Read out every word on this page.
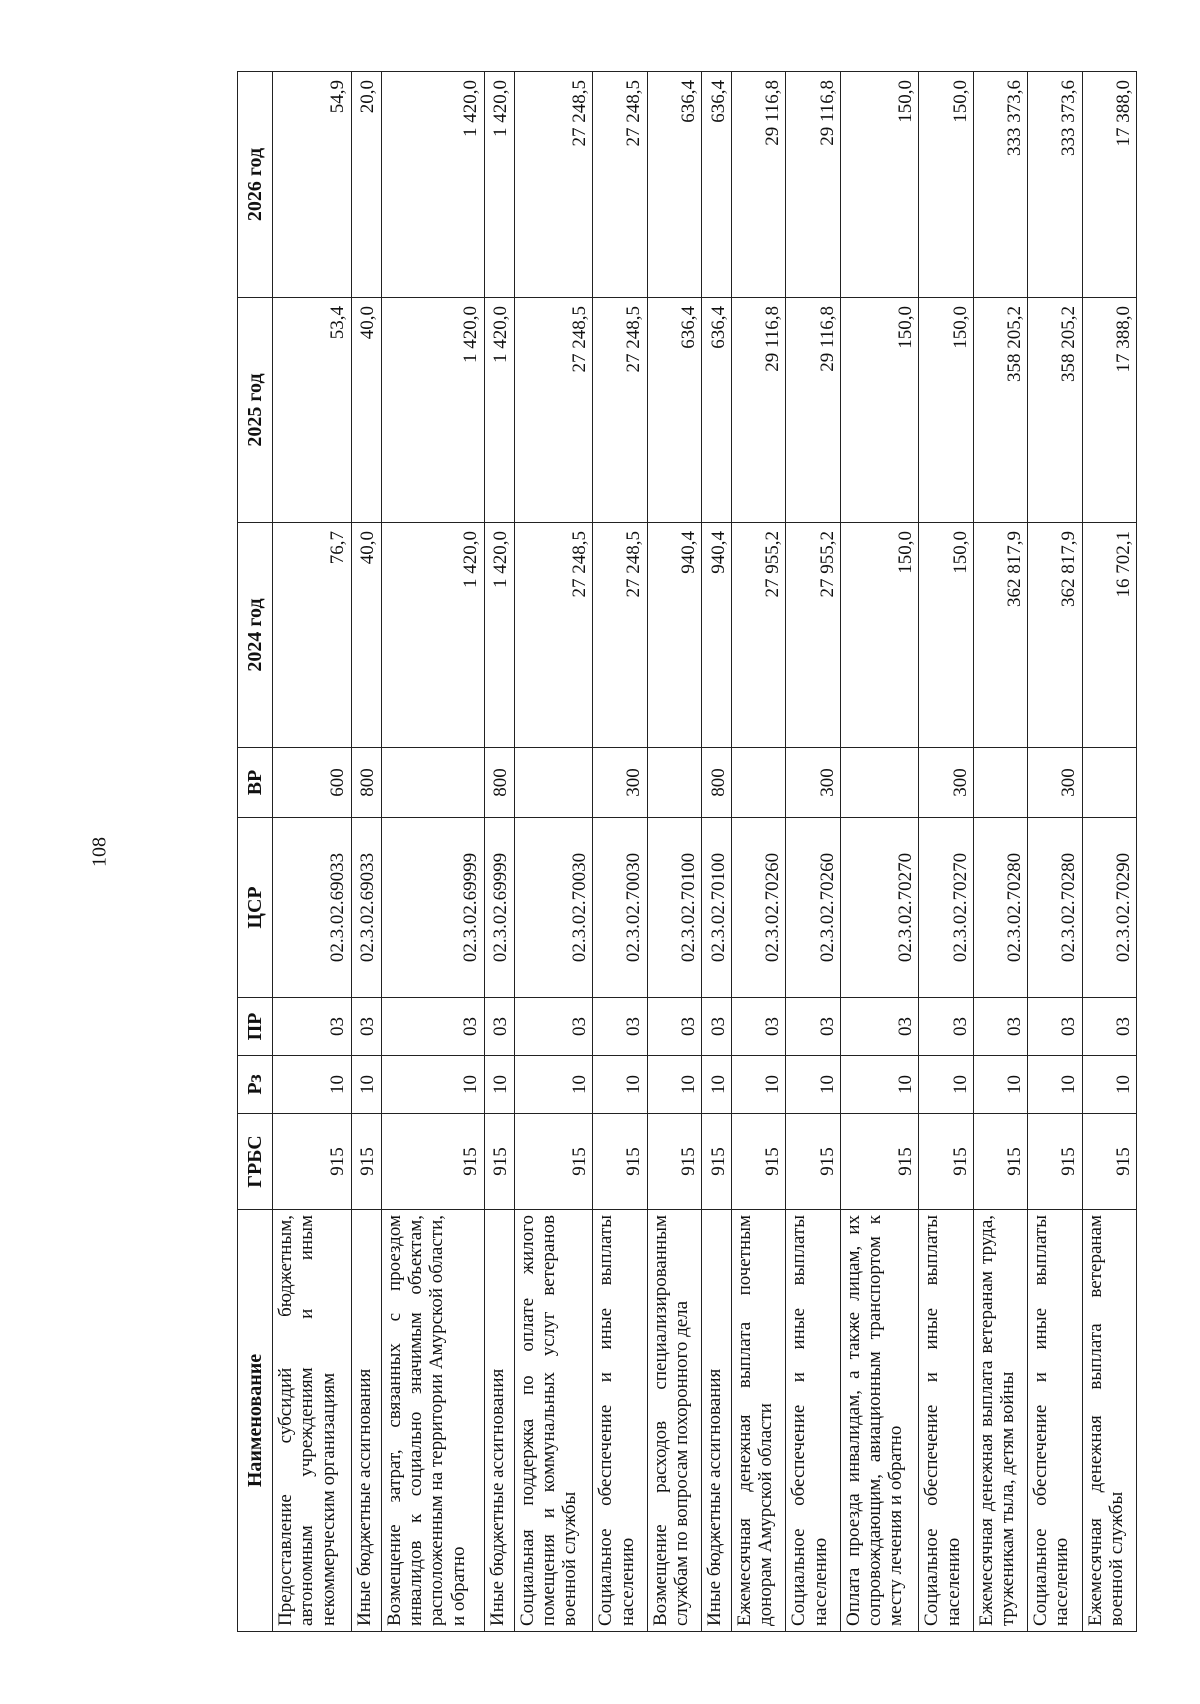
108
Наименование	ГРБС	Рз	ПР	ЦСР	ВР	2024 год	2025 год	2026 год
Предоставление субсидий бюджетным, автономным учреждениям и иным некоммерческим организациям	915	10	03	02.3.02.69033	600	76,7	53,4	54,9
Иные бюджетные ассигнования	915	10	03	02.3.02.69033	800	40,0	40,0	20,0
Возмещение затрат, связанных с проездом инвалидов к социально значимым объектам, расположенным на территории Амурской области, и обратно	915	10	03	02.3.02.69999		1 420,0	1 420,0	1 420,0
Иные бюджетные ассигнования	915	10	03	02.3.02.69999	800	1 420,0	1 420,0	1 420,0
Социальная поддержка по оплате жилого помещения и коммунальных услуг ветеранов военной службы	915	10	03	02.3.02.70030		27 248,5	27 248,5	27 248,5
Социальное обеспечение и иные выплаты населению	915	10	03	02.3.02.70030	300	27 248,5	27 248,5	27 248,5
Возмещение расходов специализированным службам по вопросам похоронного дела	915	10	03	02.3.02.70100		940,4	636,4	636,4
Иные бюджетные ассигнования	915	10	03	02.3.02.70100	800	940,4	636,4	636,4
Ежемесячная денежная выплата почетным донорам Амурской области	915	10	03	02.3.02.70260		27 955,2	29 116,8	29 116,8
Социальное обеспечение и иные выплаты населению	915	10	03	02.3.02.70260	300	27 955,2	29 116,8	29 116,8
Оплата проезда инвалидам, а также лицам, их сопровождающим, авиационным транспортом к месту лечения и обратно	915	10	03	02.3.02.70270		150,0	150,0	150,0
Социальное обеспечение и иные выплаты населению	915	10	03	02.3.02.70270	300	150,0	150,0	150,0
Ежемесячная денежная выплата ветеранам труда, труженикам тыла, детям войны	915	10	03	02.3.02.70280		362 817,9	358 205,2	333 373,6
Социальное обеспечение и иные выплаты населению	915	10	03	02.3.02.70280	300	362 817,9	358 205,2	333 373,6
Ежемесячная денежная выплата ветеранам военной службы	915	10	03	02.3.02.70290		16 702,1	17 388,0	17 388,0
